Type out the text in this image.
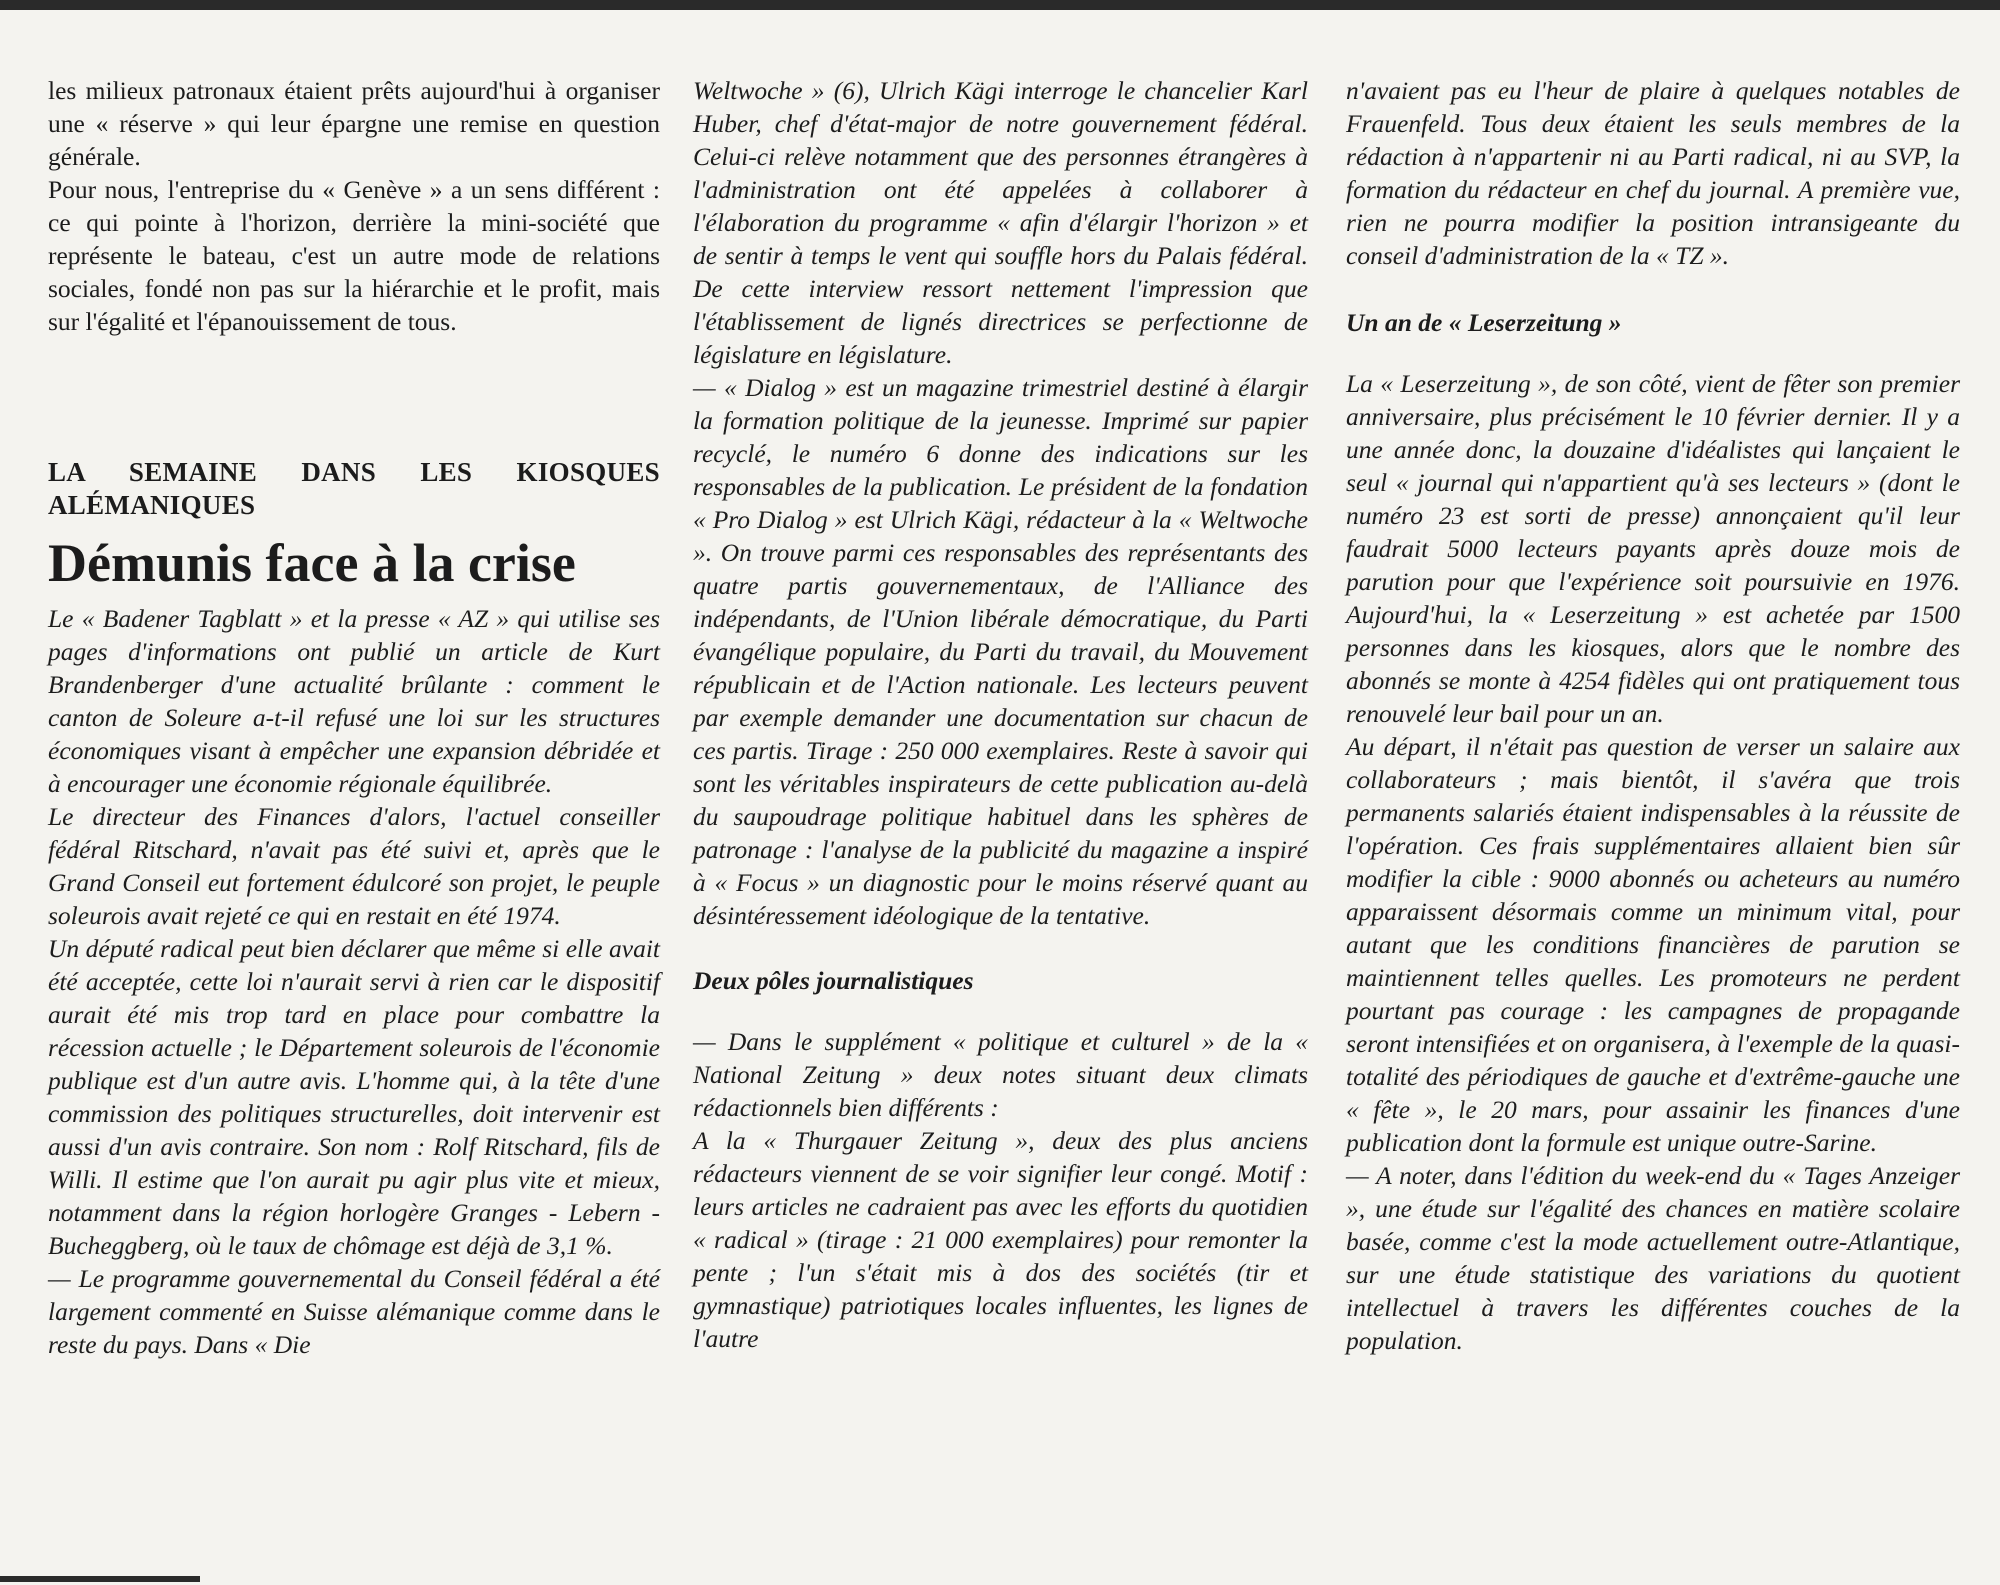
les milieux patronaux étaient prêts aujourd'hui à organiser une « réserve » qui leur épargne une remise en question générale.

Pour nous, l'entreprise du « Genève » a un sens différent : ce qui pointe à l'horizon, derrière la mini-société que représente le bateau, c'est un autre mode de relations sociales, fondé non pas sur la hiérarchie et le profit, mais sur l'égalité et l'épanouissement de tous.

LA SEMAINE DANS LES KIOSQUES ALÉMANIQUES

Démunis face à la crise

Le « Badener Tagblatt » et la presse « AZ » qui utilise ses pages d'informations ont publié un article de Kurt Brandenberger d'une actualité brûlante : comment le canton de Soleure a-t-il refusé une loi sur les structures économiques visant à empêcher une expansion débridée et à encourager une économie régionale équilibrée.

Le directeur des Finances d'alors, l'actuel conseiller fédéral Ritschard, n'avait pas été suivi et, après que le Grand Conseil eut fortement édulcoré son projet, le peuple soleurois avait rejeté ce qui en restait en été 1974.

Un député radical peut bien déclarer que même si elle avait été acceptée, cette loi n'aurait servi à rien car le dispositif aurait été mis trop tard en place pour combattre la récession actuelle ; le Département soleurois de l'économie publique est d'un autre avis. L'homme qui, à la tête d'une commission des politiques structurelles, doit intervenir est aussi d'un avis contraire. Son nom : Rolf Ritschard, fils de Willi. Il estime que l'on aurait pu agir plus vite et mieux, notamment dans la région horlogère Granges - Lebern - Bucheggberg, où le taux de chômage est déjà de 3,1 %.

— Le programme gouvernemental du Conseil fédéral a été largement commenté en Suisse alémanique comme dans le reste du pays. Dans « Die

Weltwoche » (6), Ulrich Kägi interroge le chancelier Karl Huber, chef d'état-major de notre gouvernement fédéral. Celui-ci relève notamment que des personnes étrangères à l'administration ont été appelées à collaborer à l'élaboration du programme « afin d'élargir l'horizon » et de sentir à temps le vent qui souffle hors du Palais fédéral. De cette interview ressort nettement l'impression que l'établissement de lignés directrices se perfectionne de législature en législature.

— « Dialog » est un magazine trimestriel destiné à élargir la formation politique de la jeunesse. Imprimé sur papier recyclé, le numéro 6 donne des indications sur les responsables de la publication. Le président de la fondation « Pro Dialog » est Ulrich Kägi, rédacteur à la « Weltwoche ». On trouve parmi ces responsables des représentants des quatre partis gouvernementaux, de l'Alliance des indépendants, de l'Union libérale démocratique, du Parti évangélique populaire, du Parti du travail, du Mouvement républicain et de l'Action nationale. Les lecteurs peuvent par exemple demander une documentation sur chacun de ces partis. Tirage : 250 000 exemplaires. Reste à savoir qui sont les véritables inspirateurs de cette publication au-delà du saupoudrage politique habituel dans les sphères de patronage : l'analyse de la publicité du magazine a inspiré à « Focus » un diagnostic pour le moins réservé quant au désintéressement idéologique de la tentative.

Deux pôles journalistiques

— Dans le supplément « politique et culturel » de la « National Zeitung » deux notes situant deux climats rédactionnels bien différents :

A la « Thurgauer Zeitung », deux des plus anciens rédacteurs viennent de se voir signifier leur congé. Motif : leurs articles ne cadraient pas avec les efforts du quotidien « radical » (tirage : 21 000 exemplaires) pour remonter la pente ; l'un s'était mis à dos des sociétés (tir et gymnastique) patriotiques locales influentes, les lignes de l'autre

n'avaient pas eu l'heur de plaire à quelques notables de Frauenfeld. Tous deux étaient les seuls membres de la rédaction à n'appartenir ni au Parti radical, ni au SVP, la formation du rédacteur en chef du journal. A première vue, rien ne pourra modifier la position intransigeante du conseil d'administration de la « TZ ».

Un an de « Leserzeitung »

La « Leserzeitung », de son côté, vient de fêter son premier anniversaire, plus précisément le 10 février dernier. Il y a une année donc, la douzaine d'idéalistes qui lançaient le seul « journal qui n'appartient qu'à ses lecteurs » (dont le numéro 23 est sorti de presse) annonçaient qu'il leur faudrait 5000 lecteurs payants après douze mois de parution pour que l'expérience soit poursuivie en 1976. Aujourd'hui, la « Leserzeitung » est achetée par 1500 personnes dans les kiosques, alors que le nombre des abonnés se monte à 4254 fidèles qui ont pratiquement tous renouvelé leur bail pour un an.

Au départ, il n'était pas question de verser un salaire aux collaborateurs ; mais bientôt, il s'avéra que trois permanents salariés étaient indispensables à la réussite de l'opération. Ces frais supplémentaires allaient bien sûr modifier la cible : 9000 abonnés ou acheteurs au numéro apparaissent désormais comme un minimum vital, pour autant que les conditions financières de parution se maintiennent telles quelles. Les promoteurs ne perdent pourtant pas courage : les campagnes de propagande seront intensifiées et on organisera, à l'exemple de la quasi-totalité des périodiques de gauche et d'extrême-gauche une « fête », le 20 mars, pour assainir les finances d'une publication dont la formule est unique outre-Sarine.

— A noter, dans l'édition du week-end du « Tages Anzeiger », une étude sur l'égalité des chances en matière scolaire basée, comme c'est la mode actuellement outre-Atlantique, sur une étude statistique des variations du quotient intellectuel à travers les différentes couches de la population.
